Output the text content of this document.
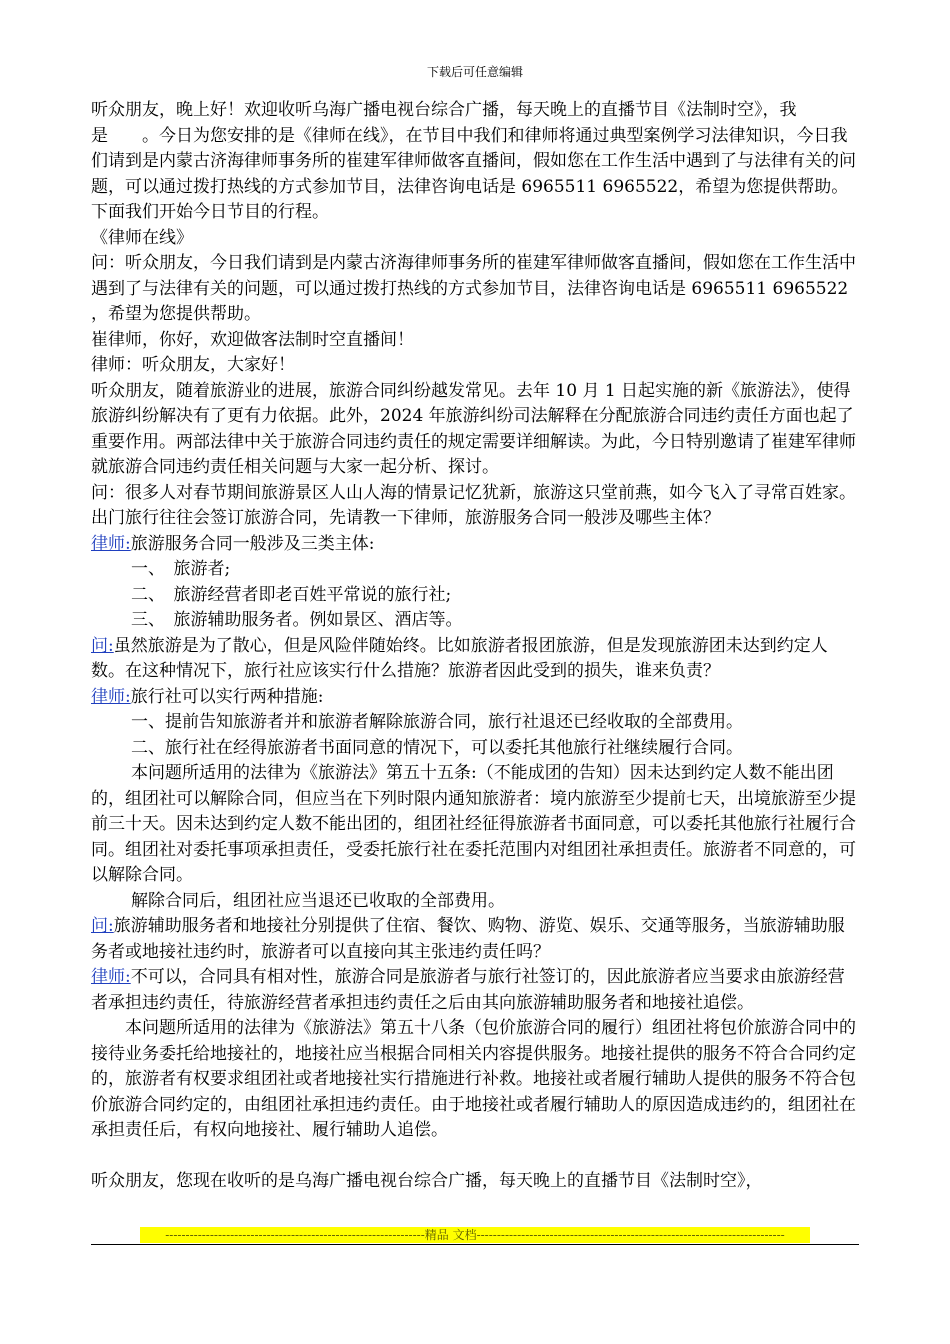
下载后可任意编辑

听众朋友，晚上好！欢迎收听乌海广播电视台综合广播，每天晚上的直播节目《法制时空》，我是　　。今日为您安排的是《律师在线》，在节目中我们和律师将通过典型案例学习法律知识，今日我们请到是内蒙古济海律师事务所的崔建军律师做客直播间，假如您在工作生活中遇到了与法律有关的问题，可以通过拨打热线的方式参加节目，法律咨询电话是 6965511 6965522，希望为您提供帮助。下面我们开始今日节目的行程。

《律师在线》

问：听众朋友，今日我们请到是内蒙古济海律师事务所的崔建军律师做客直播间，假如您在工作生活中遇到了与法律有关的问题，可以通过拨打热线的方式参加节目，法律咨询电话是 6965511 6965522 ，希望为您提供帮助。

崔律师，你好，欢迎做客法制时空直播间！

律师：听众朋友，大家好！

听众朋友，随着旅游业的进展，旅游合同纠纷越发常见。去年 10 月 1 日起实施的新《旅游法》，使得旅游纠纷解决有了更有力依据。此外，2024 年旅游纠纷司法解释在分配旅游合同违约责任方面也起了重要作用。两部法律中关于旅游合同违约责任的规定需要详细解读。为此，今日特别邀请了崔建军律师就旅游合同违约责任相关问题与大家一起分析、探讨。

问：很多人对春节期间旅游景区人山人海的情景记忆犹新，旅游这只堂前燕，如今飞入了寻常百姓家。出门旅行往往会签订旅游合同，先请教一下律师，旅游服务合同一般涉及哪些主体？

律师:旅游服务合同一般涉及三类主体:

一、　 旅游者;

二、　 旅游经营者即老百姓平常说的旅行社;

三、　 旅游辅助服务者。例如景区、酒店等。

问:虽然旅游是为了散心，但是风险伴随始终。比如旅游者报团旅游，但是发现旅游团未达到约定人数。在这种情况下，旅行社应该实行什么措施？旅游者因此受到的损失，谁来负责？

律师:旅行社可以实行两种措施:

一、提前告知旅游者并和旅游者解除旅游合同，旅行社退还已经收取的全部费用。

二、旅行社在经得旅游者书面同意的情况下，可以委托其他旅行社继续履行合同。

本问题所适用的法律为《旅游法》第五十五条:（不能成团的告知）因未达到约定人数不能出团的，组团社可以解除合同，但应当在下列时限内通知旅游者：境内旅游至少提前七天，出境旅游至少提前三十天。因未达到约定人数不能出团的，组团社经征得旅游者书面同意，可以委托其他旅行社履行合同。组团社对委托事项承担责任，受委托旅行社在委托范围内对组团社承担责任。旅游者不同意的，可以解除合同。

解除合同后，组团社应当退还已收取的全部费用。

问:旅游辅助服务者和地接社分别提供了住宿、餐饮、购物、游览、娱乐、交通等服务，当旅游辅助服务者或地接社违约时，旅游者可以直接向其主张违约责任吗？

律师:不可以，合同具有相对性，旅游合同是旅游者与旅行社签订的，因此旅游者应当要求由旅游经营者承担违约责任，待旅游经营者承担违约责任之后由其向旅游辅助服务者和地接社追偿。

本问题所适用的法律为《旅游法》第五十八条（包价旅游合同的履行）组团社将包价旅游合同中的接待业务委托给地接社的，地接社应当根据合同相关内容提供服务。地接社提供的服务不符合合同约定的，旅游者有权要求组团社或者地接社实行措施进行补救。地接社或者履行辅助人提供的服务不符合包价旅游合同约定的，由组团社承担违约责任。由于地接社或者履行辅助人的原因造成违约的，组团社在承担责任后，有权向地接社、履行辅助人追偿。

听众朋友，您现在收听的是乌海广播电视台综合广播，每天晚上的直播节目《法制时空》，

----------------------------------------------------------------精品 文档----------------------------------------------------------------------------
